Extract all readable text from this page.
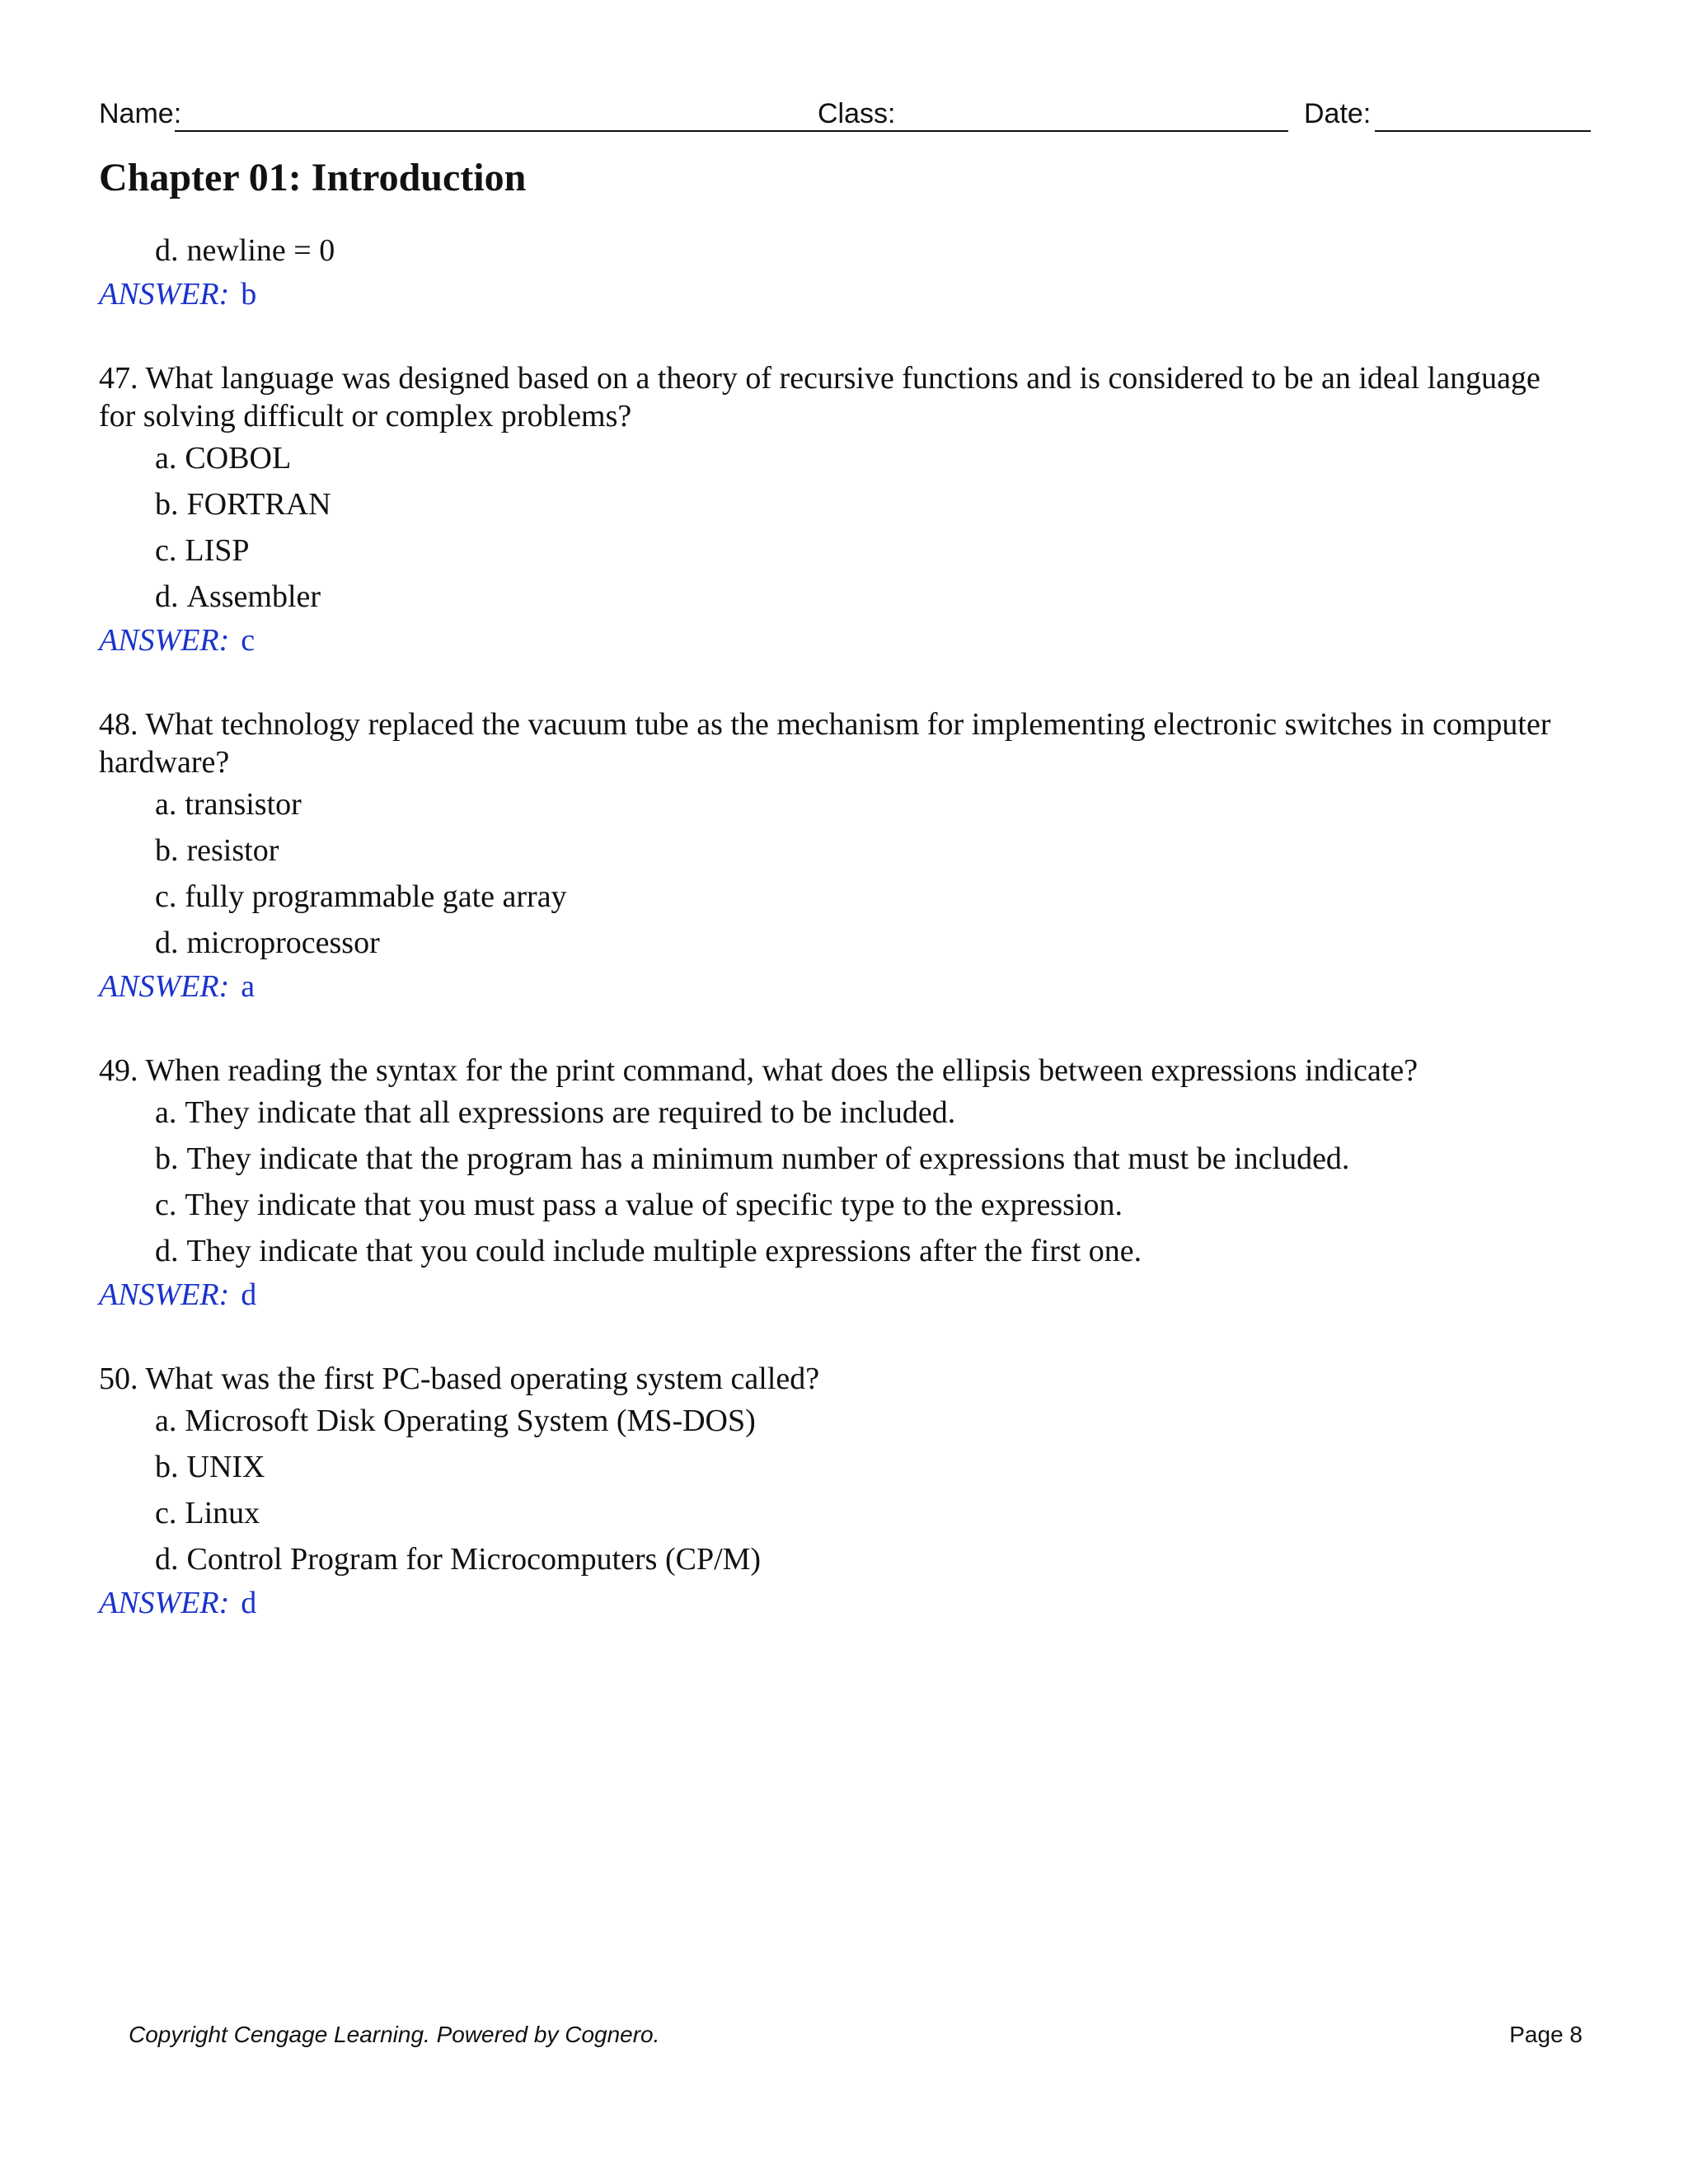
Name:	Class:	Date:
Chapter 01: Introduction
d. newline = 0
ANSWER: b
47. What language was designed based on a theory of recursive functions and is considered to be an ideal language for solving difficult or complex problems?
a. COBOL
b. FORTRAN
c. LISP
d. Assembler
ANSWER: c
48. What technology replaced the vacuum tube as the mechanism for implementing electronic switches in computer hardware?
a. transistor
b. resistor
c. fully programmable gate array
d. microprocessor
ANSWER: a
49. When reading the syntax for the print command, what does the ellipsis between expressions indicate?
a. They indicate that all expressions are required to be included.
b. They indicate that the program has a minimum number of expressions that must be included.
c. They indicate that you must pass a value of specific type to the expression.
d. They indicate that you could include multiple expressions after the first one.
ANSWER: d
50. What was the first PC-based operating system called?
a. Microsoft Disk Operating System (MS-DOS)
b. UNIX
c. Linux
d. Control Program for Microcomputers (CP/M)
ANSWER: d
Copyright Cengage Learning. Powered by Cognero.	Page 8
